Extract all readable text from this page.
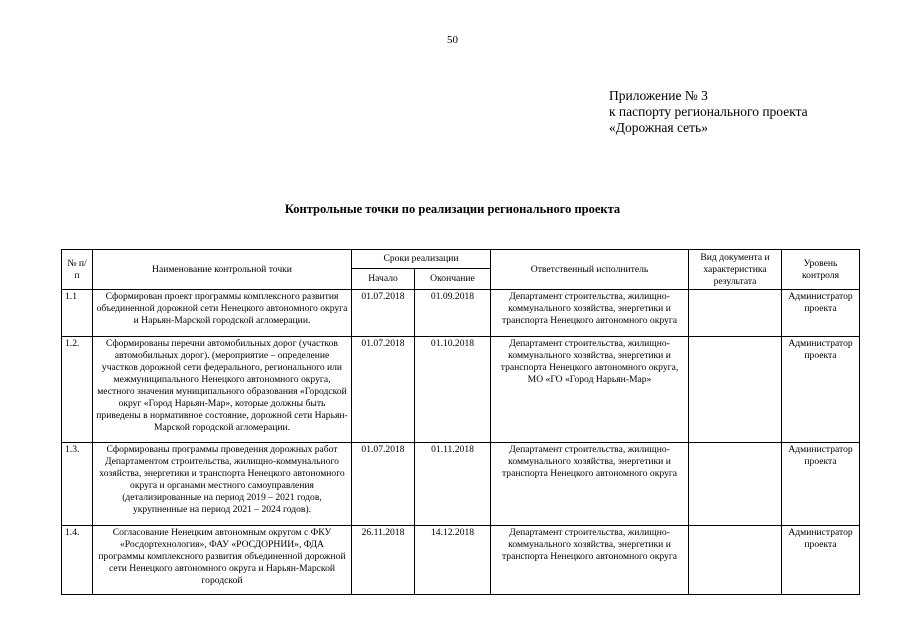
50
Приложение № 3
к паспорту регионального проекта
«Дорожная сеть»
Контрольные точки по реализации регионального проекта
№ п/п	Наименование контрольной точки	Сроки реализации		Ответственный исполнитель	Вид документа и характеристика результата	Уровень контроля
		Начало	Окончание			
1.1	Сформирован проект программы комплексного развития объединенной дорожной сети Ненецкого автономного округа и Нарьян-Марской городской агломерации.	01.07.2018	01.09.2018	Департамент строительства, жилищно-коммунального хозяйства, энергетики и транспорта Ненецкого автономного округа		Администратор проекта
1.2.	Сформированы перечни автомобильных дорог (участков автомобильных дорог). (мероприятие – определение участков дорожной сети федерального, регионального или межмуниципального Ненецкого автономного округа, местного значения муниципального образования «Городской округ «Город Нарьян-Мар», которые должны быть приведены в нормативное состояние, дорожной сети Нарьян-Марской городской агломерации.	01.07.2018	01.10.2018	Департамент строительства, жилищно-коммунального хозяйства, энергетики и транспорта Ненецкого автономного округа, МО «ГО «Город Нарьян-Мар»		Администратор проекта
1.3.	Сформированы программы проведения дорожных работ Департаментом строительства, жилищно-коммунального хозяйства, энергетики и транспорта Ненецкого автономного округа и органами местного самоуправления (детализированные на период 2019 – 2021 годов, укрупненные на период 2021 – 2024 годов).	01.07.2018	01.11.2018	Департамент строительства, жилищно-коммунального хозяйства, энергетики и транспорта Ненецкого автономного округа		Администратор проекта
1.4.	Согласование Ненецким автономным округом с ФКУ «Росдортехнология», ФАУ «РОСДОРНИИ», ФДА программы комплексного развития объединенной дорожной сети Ненецкого автономного округа и Нарьян-Марской городской	26.11.2018	14.12.2018	Департамент строительства, жилищно-коммунального хозяйства, энергетики и транспорта Ненецкого автономного округа		Администратор проекта
